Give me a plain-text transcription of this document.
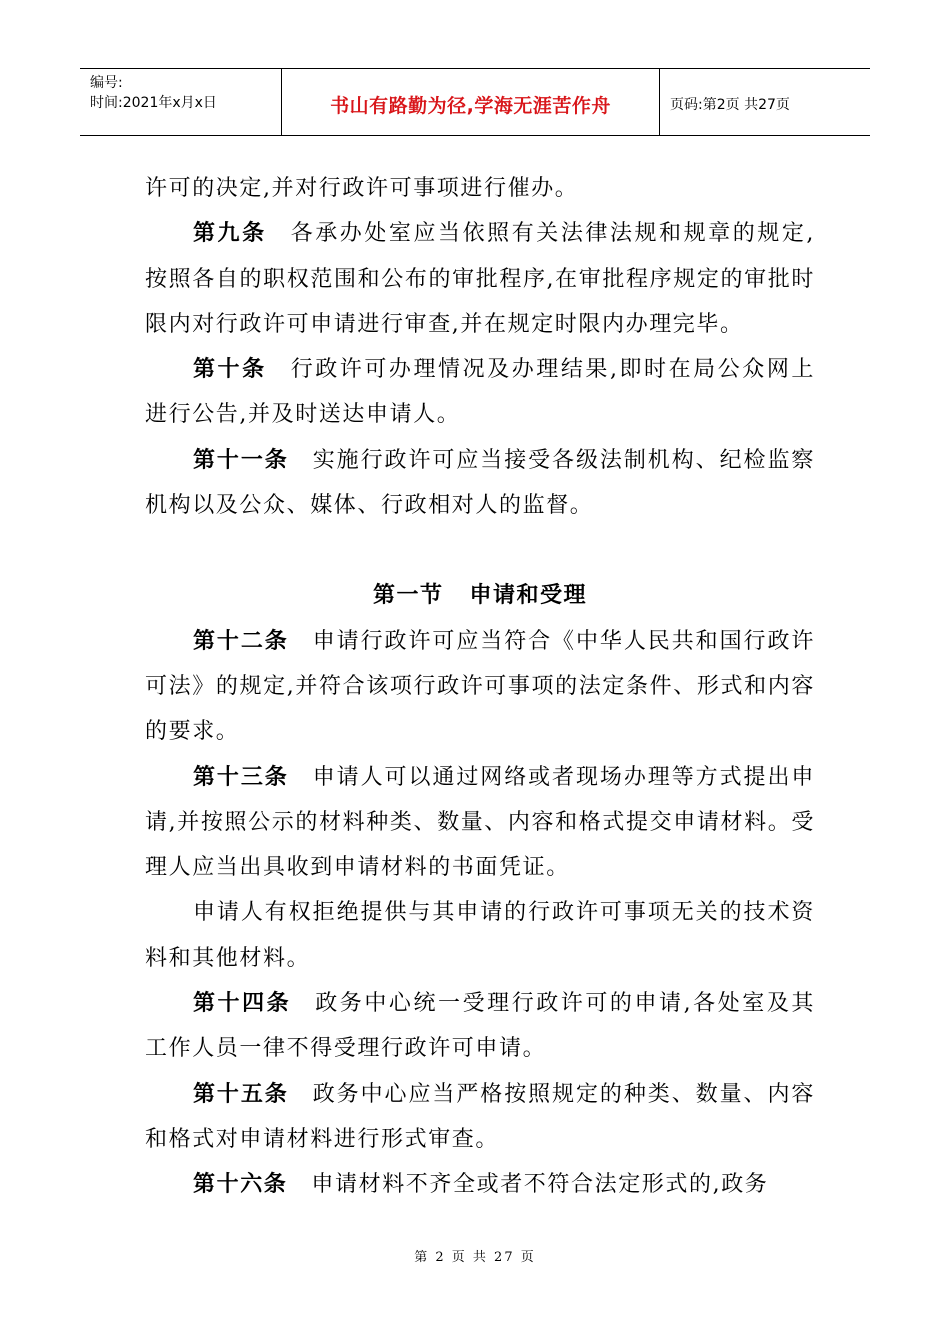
编号:
时间:2021年x月x日	书山有路勤为径,学海无涯苦作舟	页码:第2页 共27页

许可的决定,并对行政许可事项进行催办。

第九条 各承办处室应当依照有关法律法规和规章的规定,按照各自的职权范围和公布的审批程序,在审批程序规定的审批时限内对行政许可申请进行审查,并在规定时限内办理完毕。

第十条 行政许可办理情况及办理结果,即时在局公众网上进行公告,并及时送达申请人。

第十一条 实施行政许可应当接受各级法制机构、纪检监察机构以及公众、媒体、行政相对人的监督。

第一节 申请和受理

第十二条 申请行政许可应当符合《中华人民共和国行政许可法》的规定,并符合该项行政许可事项的法定条件、形式和内容的要求。

第十三条 申请人可以通过网络或者现场办理等方式提出申请,并按照公示的材料种类、数量、内容和格式提交申请材料。受理人应当出具收到申请材料的书面凭证。

申请人有权拒绝提供与其申请的行政许可事项无关的技术资料和其他材料。

第十四条 政务中心统一受理行政许可的申请,各处室及其工作人员一律不得受理行政许可申请。

第十五条 政务中心应当严格按照规定的种类、数量、内容和格式对申请材料进行形式审查。

第十六条 申请材料不齐全或者不符合法定形式的,政务

第 2 页 共 27 页
